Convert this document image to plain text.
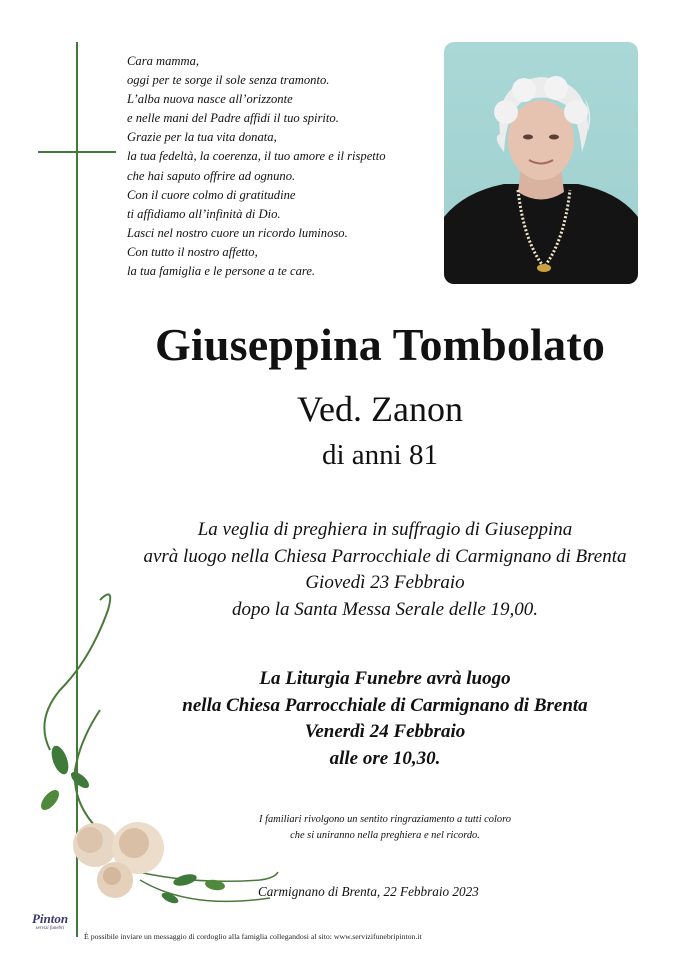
Cara mamma,
oggi per te sorge il sole senza tramonto.
L’alba nuova nasce all’orizzonte
e nelle mani del Padre affidi il tuo spirito.
Grazie per la tua vita donata,
la tua fedeltà, la coerenza, il tuo amore e il rispetto
che hai saputo offrire ad ognuno.
Con il cuore colmo di gratitudine
ti affidiamo all’infinità di Dio.
Lasci nel nostro cuore un ricordo luminoso.
Con tutto il nostro affetto,
la tua famiglia e le persone a te care.
Giuseppina Tombolato
Ved. Zanon
di anni 81
La veglia di preghiera in suffragio di Giuseppina
avrà luogo nella Chiesa Parrocchiale di Carmignano di Brenta
Giovedì 23 Febbraio
dopo la Santa Messa Serale delle 19,00.
La Liturgia Funebre avrà luogo
nella Chiesa Parrocchiale di Carmignano di Brenta
Venerdì 24 Febbraio
alle ore 10,30.
I familiari rivolgono un sentito ringraziamento a tutti coloro
che si uniranno nella preghiera e nel ricordo.
Carmignano di Brenta, 22 Febbraio 2023
Pinton
servizi funebri
È possibile inviare un messaggio di cordoglio alla famiglia collegandosi al sito: www.servizifunebripinton.it
